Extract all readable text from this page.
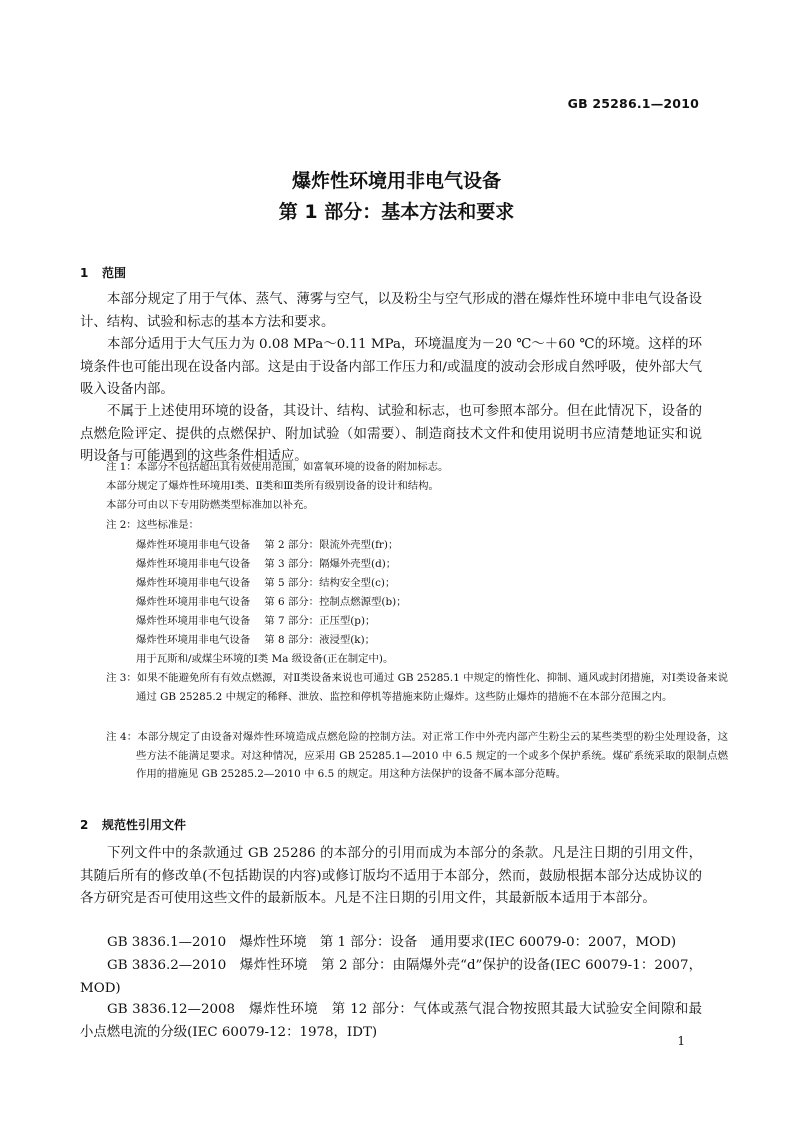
GB 25286.1—2010
爆炸性环境用非电气设备
第 1 部分：基本方法和要求
1 范围

本部分规定了用于气体、蒸气、薄雾与空气，以及粉尘与空气形成的潜在爆炸性环境中非电气设备设计、结构、试验和标志的基本方法和要求。

本部分适用于大气压力为 0.08 MPa～0.11 MPa，环境温度为－20 ℃～＋60 ℃的环境。这样的环境条件也可能出现在设备内部。这是由于设备内部工作压力和/或温度的波动会形成自然呼吸，使外部大气吸入设备内部。

不属于上述使用环境的设备，其设计、结构、试验和标志，也可参照本部分。但在此情况下，设备的点燃危险评定、提供的点燃保护、附加试验（如需要）、制造商技术文件和使用说明书应清楚地证实和说明设备与可能遇到的这些条件相适应。

注 1：本部分不包括超出其有效使用范围，如富氧环境的设备的附加标志。

本部分规定了爆炸性环境用Ⅰ类、Ⅱ类和Ⅲ类所有级别设备的设计和结构。

本部分可由以下专用防燃类型标准加以补充。

注 2：这些标准是：

爆炸性环境用非电气设备 第 2 部分：限流外壳型(fr)；

爆炸性环境用非电气设备 第 3 部分：隔爆外壳型(d)；

爆炸性环境用非电气设备 第 5 部分：结构安全型(c)；

爆炸性环境用非电气设备 第 6 部分：控制点燃源型(b)；

爆炸性环境用非电气设备 第 7 部分：正压型(p)；

爆炸性环境用非电气设备 第 8 部分：液浸型(k)；

用于瓦斯和/或煤尘环境的Ⅰ类 Ma 级设备(正在制定中)。

注 3：如果不能避免所有有效点燃源，对Ⅱ类设备来说也可通过 GB 25285.1 中规定的惰性化、抑制、通风或封闭措施，对Ⅰ类设备来说通过 GB 25285.2 中规定的稀释、泄放、监控和停机等措施来防止爆炸。这些防止爆炸的措施不在本部分范围之内。

注 4：本部分规定了由设备对爆炸性环境造成点燃危险的控制方法。对正常工作中外壳内部产生粉尘云的某些类型的粉尘处理设备，这些方法不能满足要求。对这种情况，应采用 GB 25285.1—2010 中 6.5 规定的一个或多个保护系统。煤矿系统采取的限制点燃作用的措施见 GB 25285.2—2010 中 6.5 的规定。用这种方法保护的设备不属本部分范畴。

2 规范性引用文件

下列文件中的条款通过 GB 25286 的本部分的引用而成为本部分的条款。凡是注日期的引用文件，其随后所有的修改单(不包括勘误的内容)或修订版均不适用于本部分，然而，鼓励根据本部分达成协议的各方研究是否可使用这些文件的最新版本。凡是不注日期的引用文件，其最新版本适用于本部分。

GB 3836.1—2010　爆炸性环境　第 1 部分：设备　通用要求(IEC 60079-0：2007，MOD)

GB 3836.2—2010　爆炸性环境　第 2 部分：由隔爆外壳“d”保护的设备(IEC 60079-1：2007，MOD)

GB 3836.12—2008　爆炸性环境　第 12 部分：气体或蒸气混合物按照其最大试验安全间隙和最小点燃电流的分级(IEC 60079-12：1978，IDT)

1
